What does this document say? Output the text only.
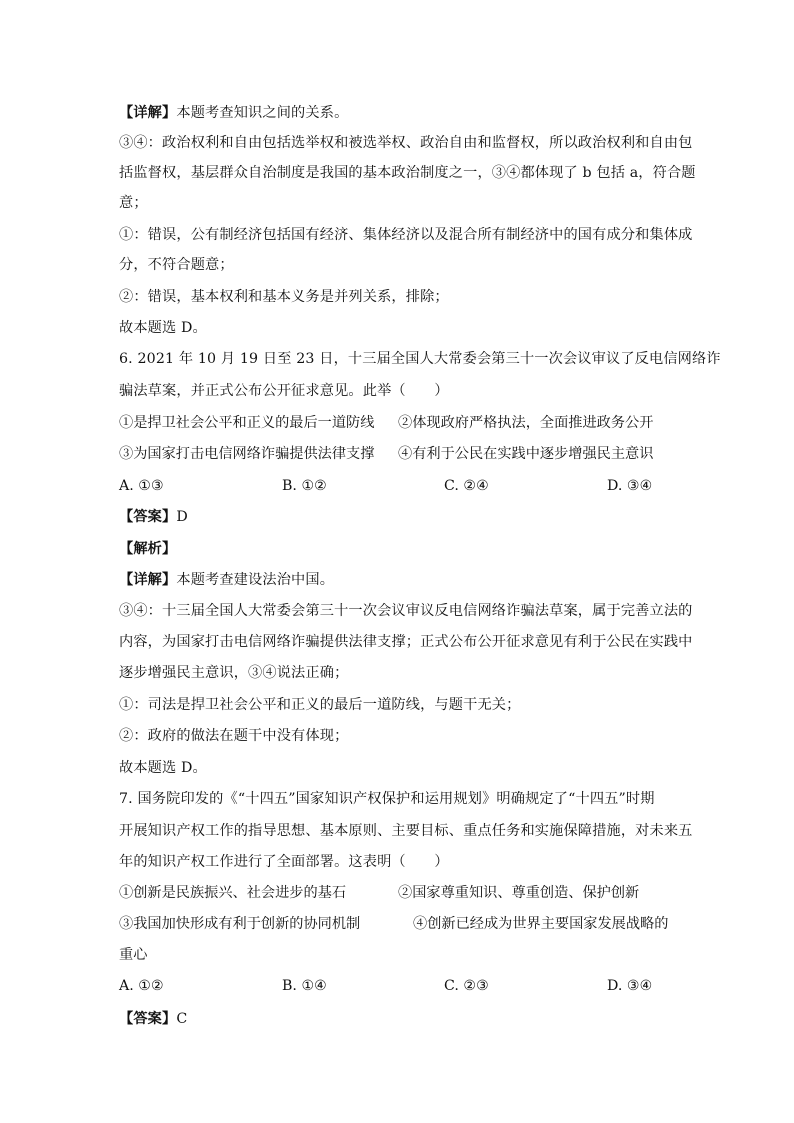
【详解】本题考查知识之间的关系。
③④：政治权利和自由包括选举权和被选举权、政治自由和监督权，所以政治权利和自由包
括监督权，基层群众自治制度是我国的基本政治制度之一，③④都体现了 b 包括 a，符合题
意；
①：错误，公有制经济包括国有经济、集体经济以及混合所有制经济中的国有成分和集体成
分，不符合题意；
②：错误，基本权利和基本义务是并列关系，排除；
故本题选 D。
6. 2021 年 10 月 19 日至 23 日，十三届全国人大常委会第三十一次会议审议了反电信网络诈
骗法草案，并正式公布公开征求意见。此举（　　）
①是捍卫社会公平和正义的最后一道防线 ②体现政府严格执法，全面推进政务公开
③为国家打击电信网络诈骗提供法律支撑 ④有利于公民在实践中逐步增强民主意识
A. ①③	B. ①②	C. ②④	D. ③④
【答案】D
【解析】
【详解】本题考查建设法治中国。
③④：十三届全国人大常委会第三十一次会议审议反电信网络诈骗法草案，属于完善立法的
内容，为国家打击电信网络诈骗提供法律支撑；正式公布公开征求意见有利于公民在实践中
逐步增强民主意识，③④说法正确；
①：司法是捍卫社会公平和正义的最后一道防线，与题干无关；
②：政府的做法在题干中没有体现；
故本题选 D。
7. 国务院印发的《“十四五”国家知识产权保护和运用规划》明确规定了“十四五”时期
开展知识产权工作的指导思想、基本原则、主要目标、重点任务和实施保障措施，对未来五
年的知识产权工作进行了全面部署。这表明（　　）
①创新是民族振兴、社会进步的基石	②国家尊重知识、尊重创造、保护创新
③我国加快形成有利于创新的协同机制	④创新已经成为世界主要国家发展战略的
重心
A. ①②	B. ①④	C. ②③	D. ③④
【答案】C
